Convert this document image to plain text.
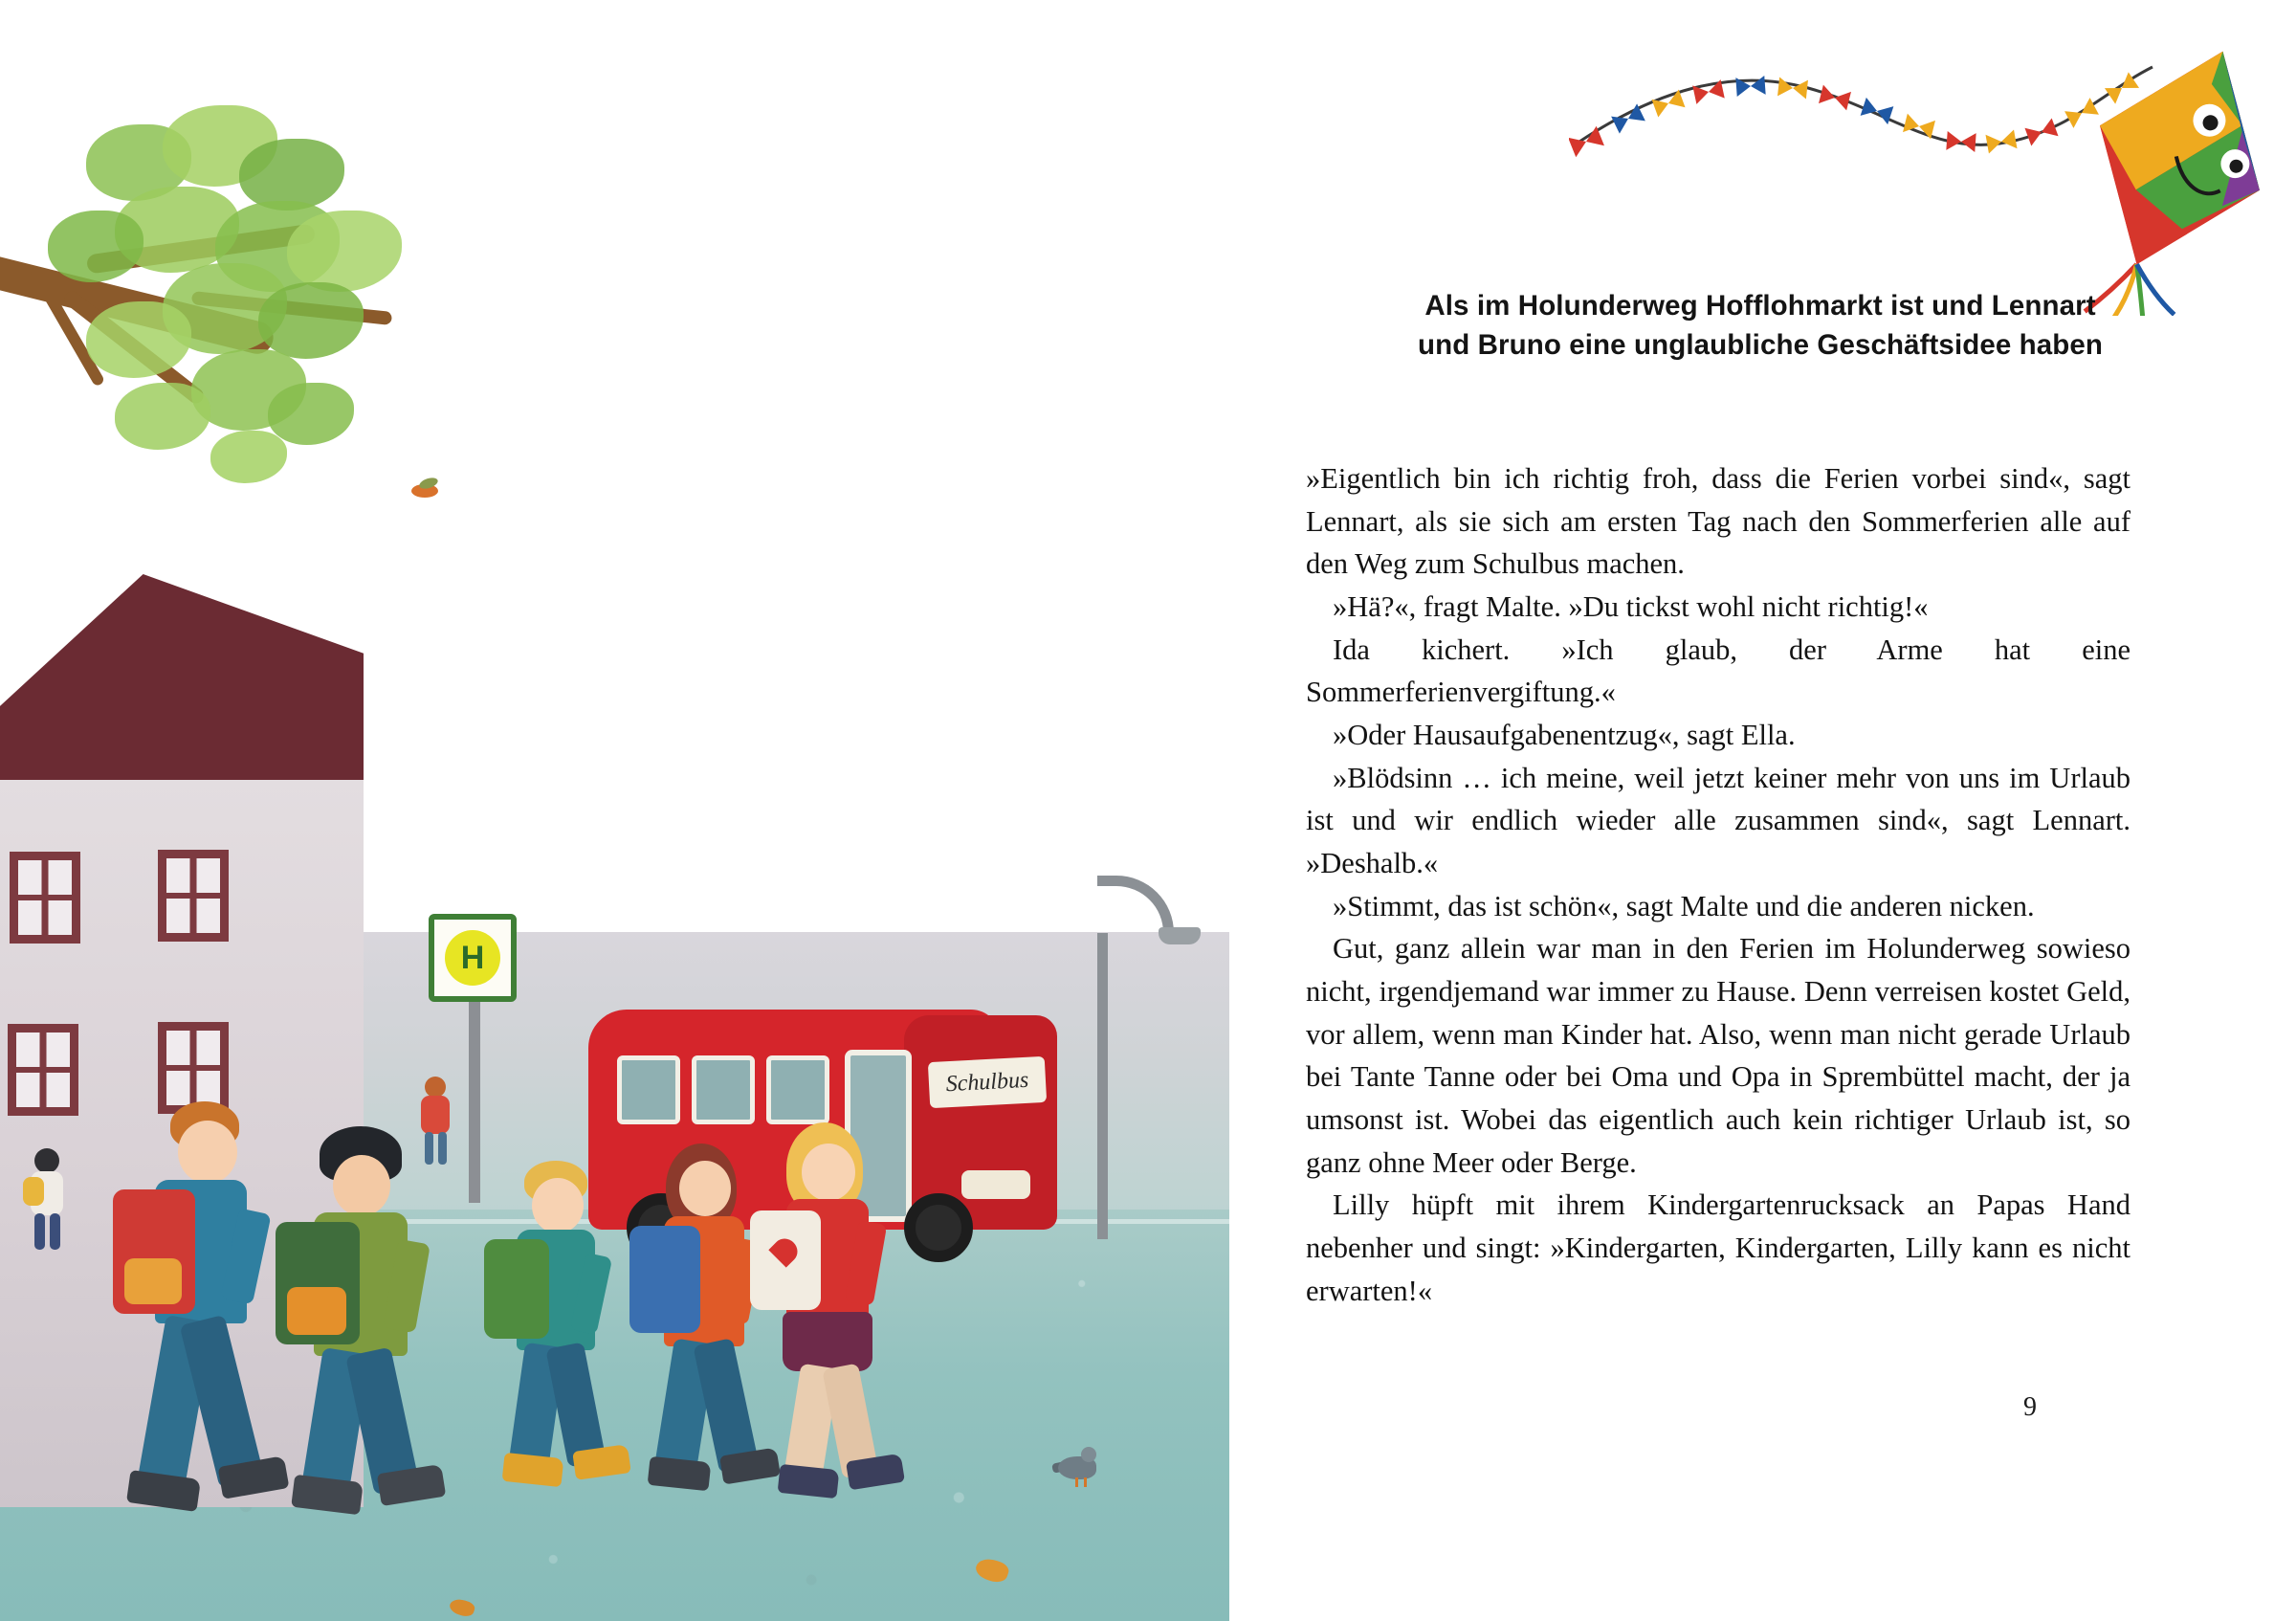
H
Schulbus
Als im Holunderweg Hofflohmarkt ist und Lennart
und Bruno eine unglaubliche Geschäftsidee haben

»Eigentlich bin ich richtig froh, dass die Ferien vorbei sind«, sagt Lennart, als sie sich am ersten Tag nach den Sommerferien alle auf den Weg zum Schulbus machen.

»Hä?«, fragt Malte. »Du tickst wohl nicht richtig!«

Ida kichert. »Ich glaub, der Arme hat eine Sommerferienvergiftung.«

»Oder Hausaufgabenentzug«, sagt Ella.

»Blödsinn … ich meine, weil jetzt keiner mehr von uns im Urlaub ist und wir endlich wieder alle zusammen sind«, sagt Lennart. »Deshalb.«

»Stimmt, das ist schön«, sagt Malte und die anderen nicken.

Gut, ganz allein war man in den Ferien im Holunderweg sowieso nicht, irgendjemand war immer zu Hause. Denn verreisen kostet Geld, vor allem, wenn man Kinder hat. Also, wenn man nicht gerade Urlaub bei Tante Tanne oder bei Oma und Opa in Sprembüttel macht, der ja umsonst ist. Wobei das eigentlich auch kein richtiger Urlaub ist, so ganz ohne Meer oder Berge.

Lilly hüpft mit ihrem Kindergartenrucksack an Papas Hand nebenher und singt: »Kindergarten, Kindergarten, Lilly kann es nicht erwarten!«

9
